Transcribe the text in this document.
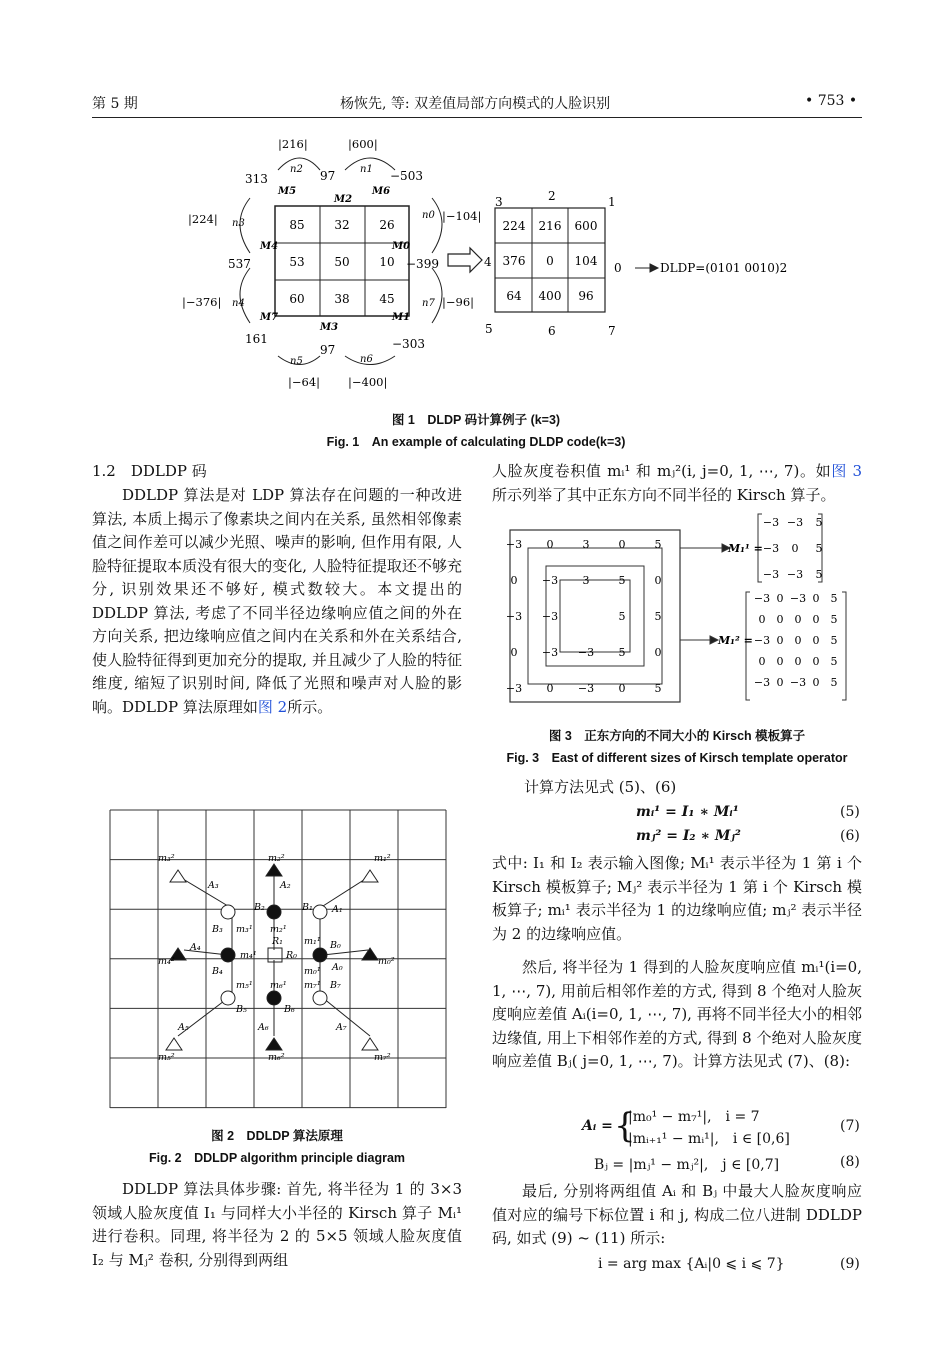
第 5 期	杨恢先, 等: 双差值局部方向模式的人脸识别	• 753 •
85 32 26
53 50 10
60 38 45
224 216 600
376 0 104
64 400 96
−399
−503
97
313
537
161
97	−303
|216|	|600|
|224|	|−104|
|−376|	|−96|
|−64| |−400|
n2	n1
n3
n0
n4	n7
n5	n6
M5
M2
M6
M4	M0
M7
M3
M1
3	2	1
4	0
5	6	7
DLDP=(0101 0010)2
图 1　DLDP 码计算例子 (k=3)
Fig. 1　An example of calculating DLDP code(k=3)
1.2　DDLDP 码

DDLDP 算法是对 LDP 算法存在问题的一种改进算法, 本质上揭示了像素块之间内在关系, 虽然相邻像素值之间作差可以减少光照、噪声的影响, 但作用有限, 人脸特征提取本质没有很大的变化, 人脸特征提取还不够充分, 识别效果还不够好, 模式数较大。本文提出的 DDLDP 算法, 考虑了不同半径边缘响应值之间的外在方向关系, 把边缘响应值之间内在关系和外在关系结合, 使人脸特征得到更加充分的提取, 并且减少了人脸的特征维度, 缩短了识别时间, 降低了光照和噪声对人脸的影响。DDLDP 算法原理如图 2所示。

m₃²	m₂²	m₁²
m₄²	m₀²
m₅²	m₆²	m₇²
A₃	A₂
A₁
A₄
A₀
A₅	A₆	A₇
B₂	B₁
B₃
B₀
B₄
B₇
B₅	B₆
m₃¹ m₂¹
m₁¹
m₄¹
m₀¹
m₅¹ m₆¹ m₇¹
R₁
R₀
图 2　DDLDP 算法原理
Fig. 2　DDLDP algorithm principle diagram

DDLDP 算法具体步骤: 首先, 将半径为 1 的 3×3 领域人脸灰度值 I₁ 与同样大小半径的 Kirsch 算子 Mᵢ¹ 进行卷积。同理, 将半径为 2 的 5×5 领域人脸灰度值 I₂ 与 Mⱼ² 卷积, 分别得到两组

人脸灰度卷积值 mᵢ¹ 和 mⱼ²(i, j=0, 1, ⋯, 7)。如图 3所示列举了其中正东方向不同半径的 Kirsch 算子。

−3 0	3	0	5
0 −3 3	5	0
−3 −3	5	5
0 −3 −3 5	0
−3 0 −3 0	5
M₁¹ =
M₁² =
−3 −3 5
−3 0 5
−3 −3 5
−3 0 −3 0 5
0 0 0 0 5
−3 0 0 0 5
0 0 0 0 5
−3 0 −3 0 5
图 3　正东方向的不同大小的 Kirsch 模板算子
Fig. 3　East of different sizes of Kirsch template operator
计算方法见式 (5)、(6)
mᵢ¹ = I₁ ∗ Mᵢ¹	(5)
mⱼ² = I₂ ∗ Mⱼ²	(6)

式中: I₁ 和 I₂ 表示输入图像; Mᵢ¹ 表示半径为 1 第 i 个 Kirsch 模板算子; Mⱼ² 表示半径为 1 第 i 个 Kirsch 模板算子; mᵢ¹ 表示半径为 1 的边缘响应值; mⱼ² 表示半径为 2 的边缘响应值。

然后, 将半径为 1 得到的人脸灰度响应值 mᵢ¹(i=0, 1, ⋯, 7), 用前后相邻作差的方式, 得到 8 个绝对人脸灰度响应差值 Aᵢ(i=0, 1, ⋯, 7), 再将不同半径大小的相邻边缘值, 用上下相邻作差的方式, 得到 8 个绝对人脸灰度响应差值 Bⱼ( j=0, 1, ⋯, 7)。计算方法见式 (7)、(8):

Aᵢ = {
|m₀¹ − m₇¹|,　i = 7
|mᵢ₊₁¹ − mᵢ¹|,　i ∈ [0,6]
(7)
Bⱼ = |mⱼ¹ − mⱼ²|,　j ∈ [0,7]	(8)

最后, 分别将两组值 Aᵢ 和 Bⱼ 中最大人脸灰度响应值对应的编号下标位置 i 和 j, 构成二位八进制 DDLDP 码, 如式 (9) ~ (11) 所示:

i = arg max {Aᵢ|0 ⩽ i ⩽ 7}	(9)
